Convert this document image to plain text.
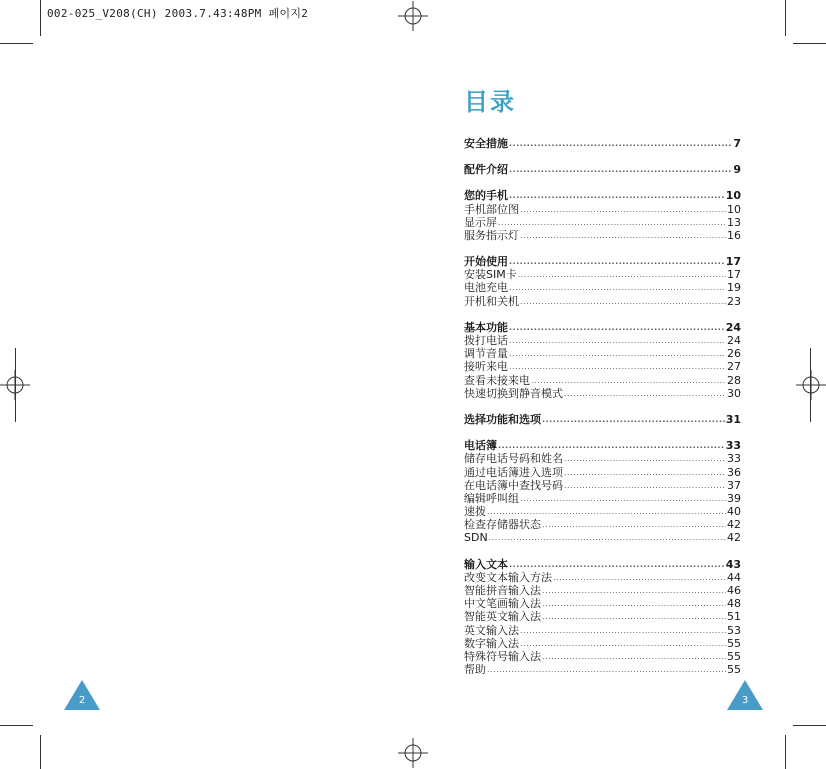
002-025_V208(CH) 2003.7.43:48PM 페이지2
目录
安全措施 .....	7
配件介绍 .....	9
您的手机 .....	10
手机部位图 .....	10
显示屏 .....	13
服务指示灯 .....	16
开始使用 .....	17
安装SIM卡 .....	17
电池充电 .....	19
开机和关机 .....	23
基本功能 .....	24
拨打电话 .....	24
调节音量 .....	26
接听来电 .....	27
查看未接来电 .....	28
快速切换到静音模式 .....	30
选择功能和选项 .....	31
电话簿 .....	33
储存电话号码和姓名 .....	33
通过电话簿进入选项 .....	36
在电话簿中查找号码 .....	37
编辑呼叫组 .....	39
速拨 .....	40
检查存储器状态 .....	42
SDN .....	42
输入文本 .....	43
改变文本输入方法 .....	44
智能拼音输入法 .....	46
中文笔画输入法 .....	48
智能英文输入法 .....	51
英文输入法 .....	53
数字输入法 .....	55
特殊符号输入法 .....	55
帮助 .....	55
2	3
